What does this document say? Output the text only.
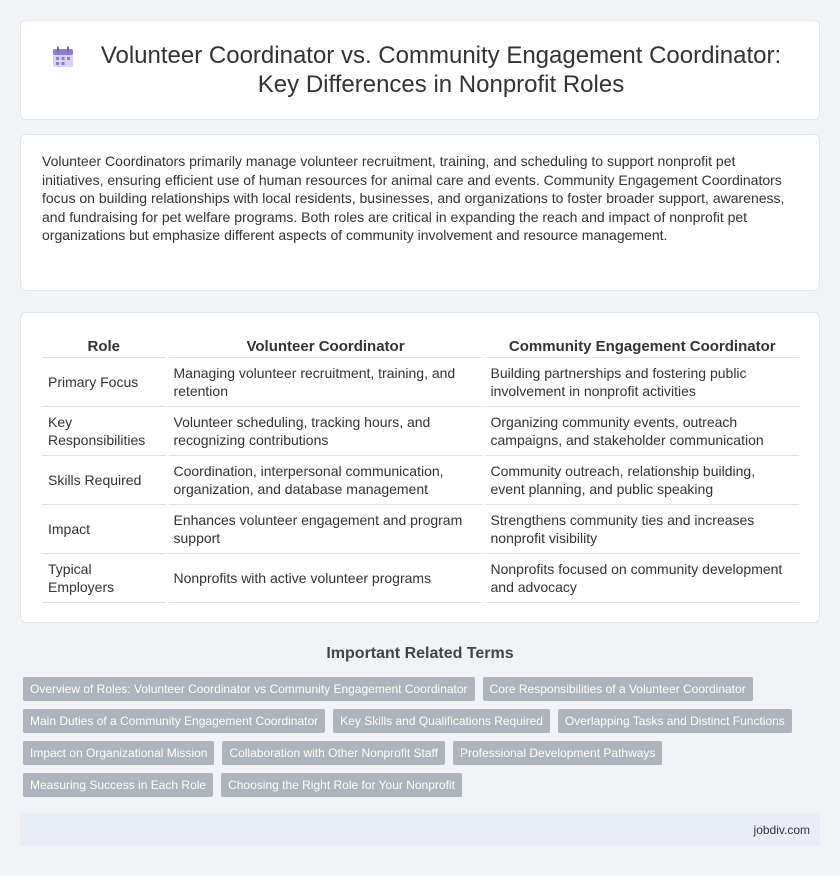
Volunteer Coordinator vs. Community Engagement Coordinator: Key Differences in Nonprofit Roles

Volunteer Coordinators primarily manage volunteer recruitment, training, and scheduling to support nonprofit pet initiatives, ensuring efficient use of human resources for animal care and events. Community Engagement Coordinators focus on building relationships with local residents, businesses, and organizations to foster broader support, awareness, and fundraising for pet welfare programs. Both roles are critical in expanding the reach and impact of nonprofit pet organizations but emphasize different aspects of community involvement and resource management.

Role	Volunteer Coordinator	Community Engagement Coordinator
Primary Focus	Managing volunteer recruitment, training, and retention	Building partnerships and fostering public involvement in nonprofit activities
Key Responsibilities	Volunteer scheduling, tracking hours, and recognizing contributions	Organizing community events, outreach campaigns, and stakeholder communication
Skills Required	Coordination, interpersonal communication, organization, and database management	Community outreach, relationship building, event planning, and public speaking
Impact	Enhances volunteer engagement and program support	Strengthens community ties and increases nonprofit visibility
Typical Employers	Nonprofits with active volunteer programs	Nonprofits focused on community development and advocacy
Important Related Terms
Overview of Roles: Volunteer Coordinator vs Community Engagement Coordinator	Core Responsibilities of a Volunteer Coordinator
Main Duties of a Community Engagement Coordinator	Key Skills and Qualifications Required	Overlapping Tasks and Distinct Functions
Impact on Organizational Mission	Collaboration with Other Nonprofit Staff	Professional Development Pathways
Measuring Success in Each Role	Choosing the Right Role for Your Nonprofit
jobdiv.com
